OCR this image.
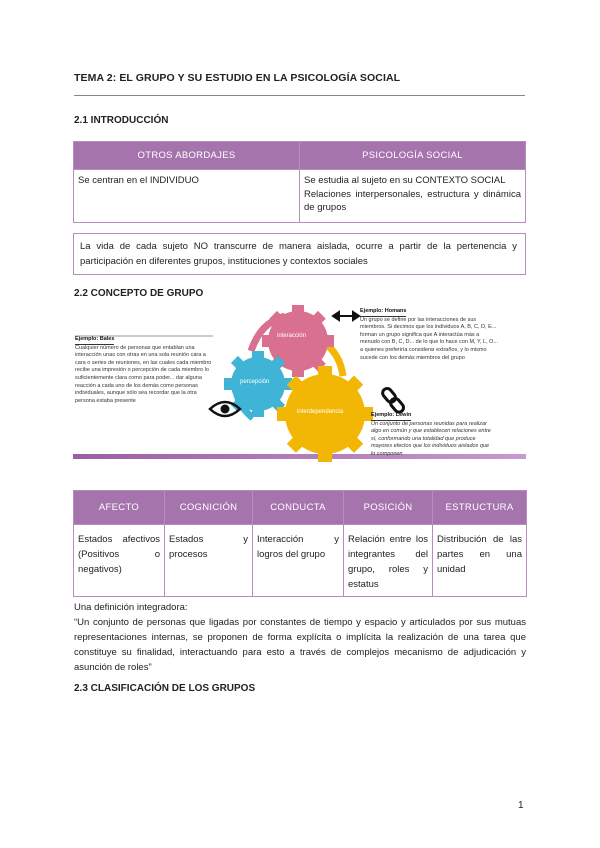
TEMA 2: EL GRUPO Y SU ESTUDIO EN LA PSICOLOGÍA SOCIAL
2.1 INTRODUCCIÓN
OTROS ABORDAJES	PSICOLOGÍA SOCIAL
Se centran en el INDIVIDUO	Se estudia al sujeto en su CONTEXTO SOCIAL
Relaciones interpersonales, estructura y dinámica de grupos
La vida de cada sujeto NO transcurre de manera aislada, ocurre a partir de la pertenencia y participación en diferentes grupos, instituciones y contextos sociales
2.2 CONCEPTO DE GRUPO
interacción
percepción
interdependencia
Ejemplo: Bales
Cualquier número de personas que entablan una interacción unas con otras en una sola reunión cara a cara o series de reuniones, en las cuales cada miembro recibe una impresión o percepción de cada miembro lo suficientemente clara como para poder... dar alguna reacción a cada uno de los demás como personas individuales, aunque sólo sea recordar que la otra persona estaba presente
Ejemplo: Homans
Un grupo se define por las interacciones de sus miembros. Si decimos que los individuos A, B, C, D, E... forman un grupo significa que A interactúa más a menudo con B, C, D... de lo que lo hace con M, Y, L, O... a quienes preferiría considerar extraños, y lo mismo sucede con los demás miembros del grupo
Ejemplo: Lewin
Un conjunto de personas reunidas para realizar algo en común y que establecen relaciones entre sí, conformando una totalidad que produce mayores efectos que los individuos aislados que lo componen
AFECTO	COGNICIÓN	CONDUCTA	POSICIÓN	ESTRUCTURA
Estados afectivos (Positivos o negativos)	Estados y procesos	Interacción y logros del grupo	Relación entre los integrantes del grupo, roles y estatus	Distribución de las partes en una unidad
Una definición integradora:
“Un conjunto de personas que ligadas por constantes de tiempo y espacio y articulados por sus mutuas representaciones internas, se proponen de forma explícita o implícita la realización de una tarea que constituye su finalidad, interactuando para esto a través de complejos mecanismo de adjudicación y asunción de roles”
2.3 CLASIFICACIÓN DE LOS GRUPOS
1
